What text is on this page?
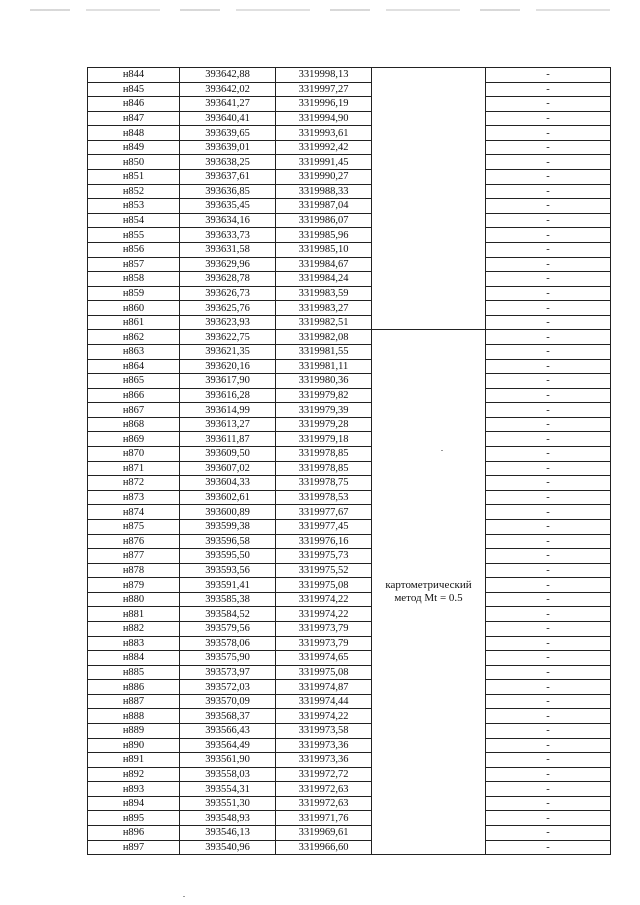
н844	393642,88	3319998,13		-
н845	393642,02	3319997,27		-
н846	393641,27	3319996,19		-
н847	393640,41	3319994,90		-
н848	393639,65	3319993,61		-
н849	393639,01	3319992,42		-
н850	393638,25	3319991,45		-
н851	393637,61	3319990,27		-
н852	393636,85	3319988,33		-
н853	393635,45	3319987,04		-
н854	393634,16	3319986,07		-
н855	393633,73	3319985,96		-
н856	393631,58	3319985,10		-
н857	393629,96	3319984,67		-
н858	393628,78	3319984,24		-
н859	393626,73	3319983,59		-
н860	393625,76	3319983,27		-
н861	393623,93	3319982,51		-
н862	393622,75	3319982,08	картометрический
метод Mt = 0.5	-
н863	393621,35	3319981,55		-
н864	393620,16	3319981,11		-
н865	393617,90	3319980,36		-
н866	393616,28	3319979,82		-
н867	393614,99	3319979,39		-
н868	393613,27	3319979,28		-
н869	393611,87	3319979,18		-
н870	393609,50	3319978,85		-
н871	393607,02	3319978,85		-
н872	393604,33	3319978,75		-
н873	393602,61	3319978,53		-
н874	393600,89	3319977,67		-
н875	393599,38	3319977,45		-
н876	393596,58	3319976,16		-
н877	393595,50	3319975,73		-
н878	393593,56	3319975,52		-
н879	393591,41	3319975,08		-
н880	393585,38	3319974,22		-
н881	393584,52	3319974,22		-
н882	393579,56	3319973,79		-
н883	393578,06	3319973,79		-
н884	393575,90	3319974,65		-
н885	393573,97	3319975,08		-
н886	393572,03	3319974,87		-
н887	393570,09	3319974,44		-
н888	393568,37	3319974,22		-
н889	393566,43	3319973,58		-
н890	393564,49	3319973,36		-
н891	393561,90	3319973,36		-
н892	393558,03	3319972,72		-
н893	393554,31	3319972,63		-
н894	393551,30	3319972,63		-
н895	393548,93	3319971,76		-
н896	393546,13	3319969,61		-
н897	393540,96	3319966,60		-
